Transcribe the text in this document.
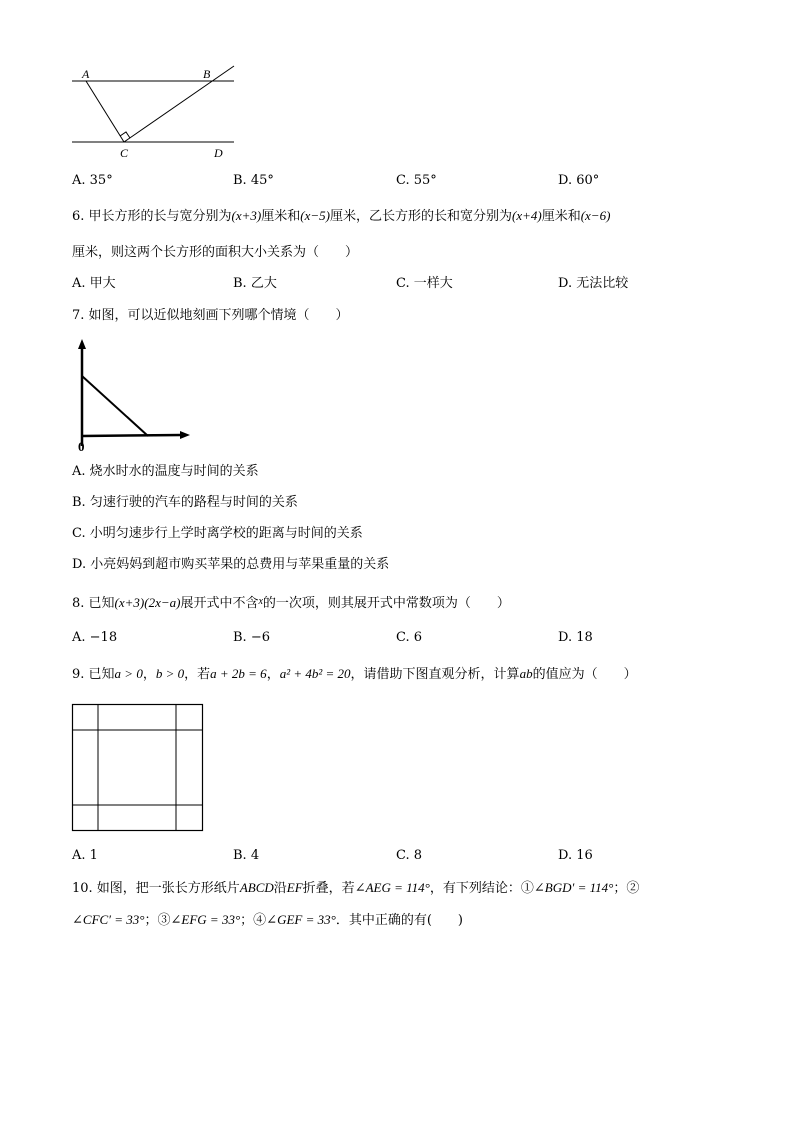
A	B
C	D
A. 35°	B. 45°	C. 55°	D. 60°
6. 甲长方形的长与宽分别为(x+3)厘米和(x−5)厘米，乙长方形的长和宽分别为(x+4)厘米和(x−6)
厘米，则这两个长方形的面积大小关系为（　　）
A. 甲大	B. 乙大	C. 一样大	D. 无法比较
7. 如图，可以近似地刻画下列哪个情境（　　）
0
A. 烧水时水的温度与时间的关系
B. 匀速行驶的汽车的路程与时间的关系
C. 小明匀速步行上学时离学校的距离与时间的关系
D. 小亮妈妈到超市购买苹果的总费用与苹果重量的关系
8. 已知(x+3)(2x−a)展开式中不含$^x$的一次项，则其展开式中常数项为（　　）
A. −18	B. −6	C. 6	D. 18
9. 已知a > 0，b > 0，若a + 2b = 6，a² + 4b² = 20，请借助下图直观分析，计算ab的值应为（　　）
A. 1	B. 4	C. 8	D. 16
10. 如图，把一张长方形纸片ABCD沿EF折叠，若∠AEG = 114°，有下列结论：①∠BGD′ = 114°；②
∠CFC′ = 33°；③∠EFG = 33°；④∠GEF = 33°．其中正确的有(　　)
